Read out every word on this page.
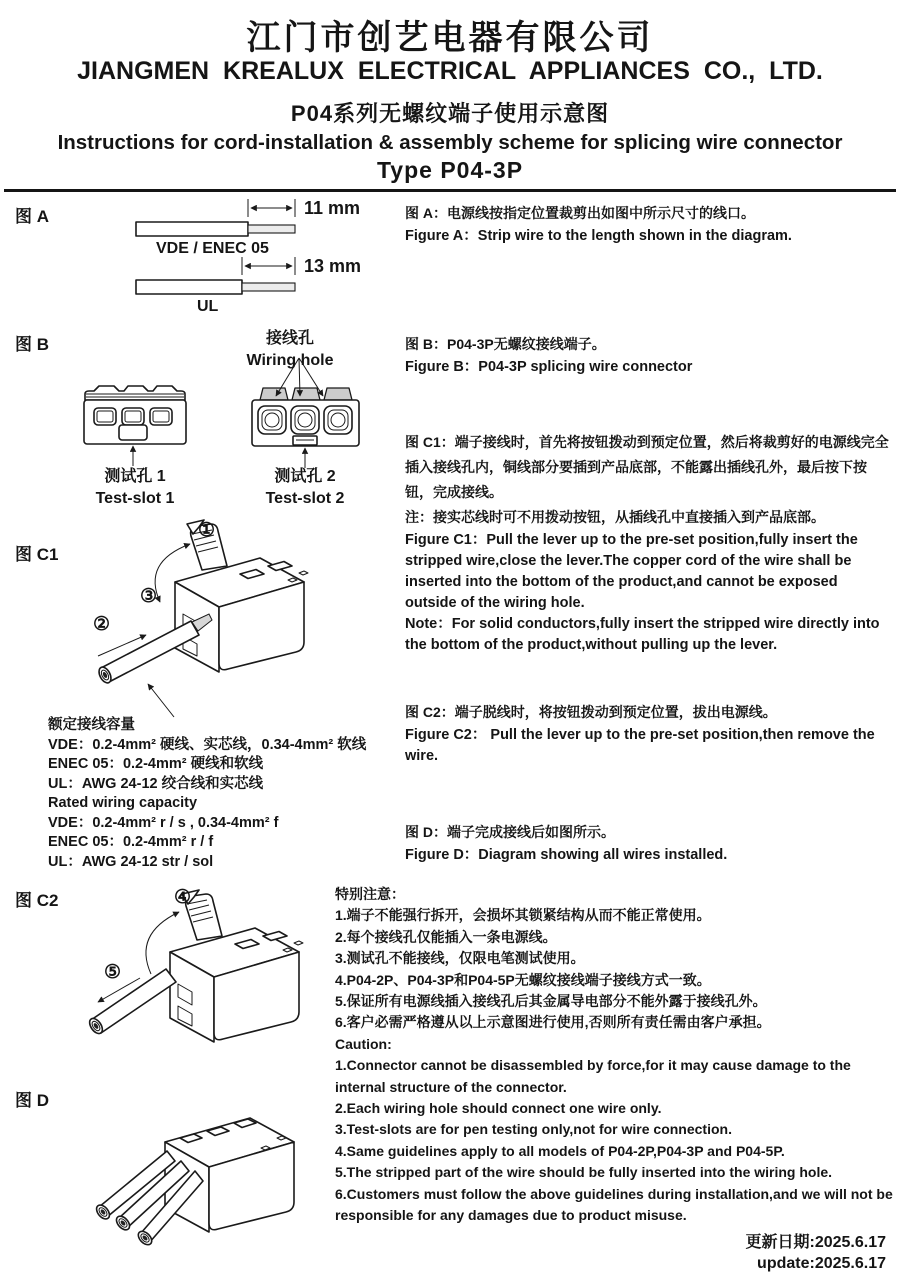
江门市创艺电器有限公司
JIANGMEN KREALUX ELECTRICAL APPLIANCES CO., LTD.
P04系列无螺纹端子使用示意图
Instructions for cord-installation & assembly scheme for splicing wire connector
Type P04-3P
图 A	11 mm
VDE / ENEC 05
13 mm
UL

图 A：电源线按指定位置裁剪出如图中所示尺寸的线口。

Figure A：Strip wire to the length shown in the diagram.

图 B	接线孔
Wiring hole
测试孔 1
Test-slot 1
测试孔 2
Test-slot 2

图 B：P04-3P无螺纹接线端子。

Figure B：P04-3P splicing wire connector

图 C1
①
②
③

图 C1：端子接线时，首先将按钮拨动到预定位置，然后将裁剪好的电源线完全插入接线孔内，铜线部分要插到产品底部，不能露出插线孔外，最后按下按钮，完成接线。

注：接实芯线时可不用拨动按钮，从插线孔中直接插入到产品底部。

Figure C1：Pull the lever up to the pre-set position,fully insert the stripped wire,close the lever.The copper cord of the wire shall be inserted into the bottom of the product,and cannot be exposed outside of the wiring hole.

Note：For solid conductors,fully insert the stripped wire directly into the bottom of the product,without pulling up the lever.

额定接线容量

VDE：0.2-4mm² 硬线、实芯线，0.34-4mm² 软线

ENEC 05：0.2-4mm² 硬线和软线

UL：AWG 24-12 绞合线和实芯线

Rated wiring capacity

VDE：0.2-4mm² r / s , 0.34-4mm² f

ENEC 05：0.2-4mm² r / f

UL：AWG 24-12 str / sol

图 C2：端子脱线时，将按钮拨动到预定位置，拔出电源线。

Figure C2： Pull the lever up to the pre-set position,then remove the wire.

图 D：端子完成接线后如图所示。

Figure D：Diagram showing all wires installed.

图 C2	④
⑤

特别注意：

1.端子不能强行拆开，会损坏其锁紧结构从而不能正常使用。

2.每个接线孔仅能插入一条电源线。

3.测试孔不能接线，仅限电笔测试使用。

4.P04-2P、P04-3P和P04-5P无螺纹接线端子接线方式一致。

5.保证所有电源线插入接线孔后其金属导电部分不能外露于接线孔外。

6.客户必需严格遵从以上示意图进行使用,否则所有责任需由客户承担。

Caution:

1.Connector cannot be disassembled by force,for it may cause damage to the internal structure of the connector.

2.Each wiring hole should connect one wire only.

3.Test-slots are for pen testing only,not for wire connection.

4.Same guidelines apply to all models of P04-2P,P04-3P and P04-5P.

5.The stripped part of the wire should be fully inserted into the wiring hole.

6.Customers must follow the above guidelines during installation,and we will not be responsible for any damages due to product misuse.

图 D
更新日期:2025.6.17
update:2025.6.17
